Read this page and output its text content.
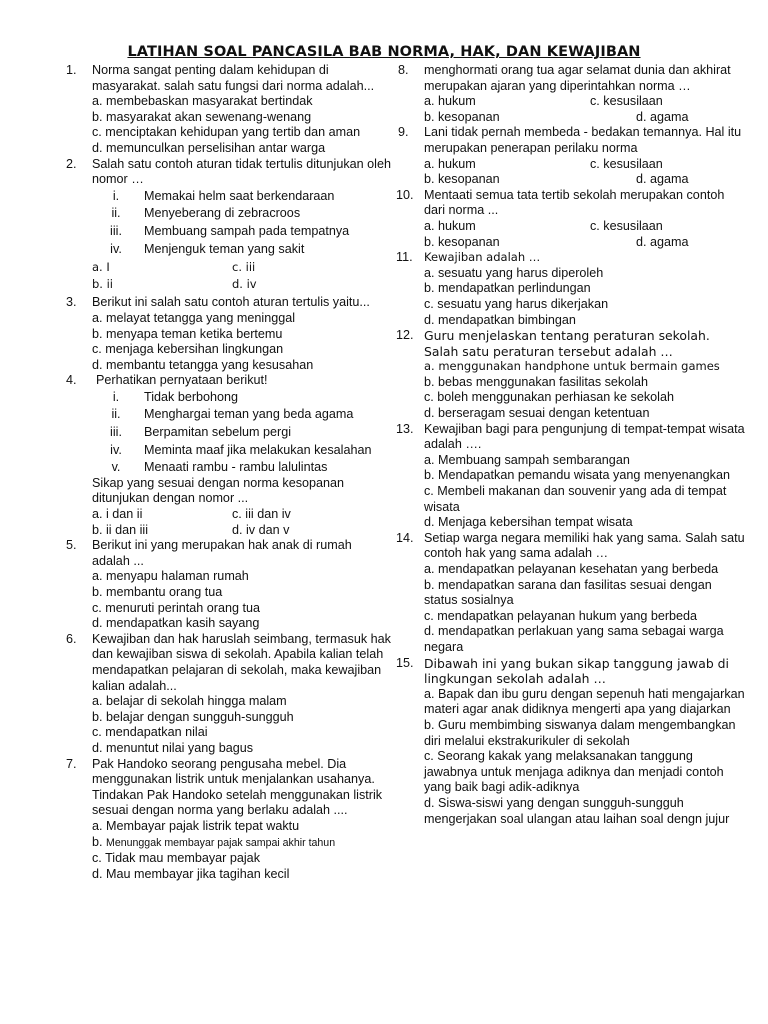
LATIHAN SOAL PANCASILA BAB NORMA, HAK, DAN KEWAJIBAN
1. Norma sangat penting dalam kehidupan di masyarakat. salah satu fungsi dari norma adalah...
a. membebaskan masyarakat bertindak
b. masyarakat akan sewenang-wenang
c. menciptakan kehidupan yang tertib dan aman
d. memunculkan perselisihan antar warga
2. Salah satu contoh aturan tidak tertulis ditunjukan oleh nomor …
i.	Memakai helm saat berkendaraan
ii.	Menyeberang di zebracroos
iii.	Membuang sampah pada tempatnya
iv.	Menjenguk teman yang sakit
a. I	c. iii
b. ii	d. iv
3. Berikut ini salah satu contoh aturan tertulis yaitu...
a. melayat tetangga yang meninggal
b. menyapa teman ketika bertemu
c. menjaga kebersihan lingkungan
d. membantu tetangga yang kesusahan
4.	Perhatikan pernyataan berikut!
i.	Tidak berbohong
ii.	Menghargai teman yang beda agama
iii.	Berpamitan sebelum pergi
iv.	Meminta maaf jika melakukan kesalahan
v.	Menaati rambu - rambu lalulintas
Sikap yang sesuai dengan norma kesopanan ditunjukan dengan nomor ...
a. i dan ii	c. iii dan iv
b. ii dan iii	d. iv dan v
5. Berikut ini yang merupakan hak anak di rumah adalah ...
a. menyapu halaman rumah
b. membantu orang tua
c. menuruti perintah orang tua
d. mendapatkan kasih sayang
6. Kewajiban dan hak haruslah seimbang, termasuk hak dan kewajiban siswa di sekolah. Apabila kalian telah mendapatkan pelajaran di sekolah, maka kewajiban kalian adalah...
a. belajar di sekolah hingga malam
b. belajar dengan sungguh-sungguh
c. mendapatkan nilai
d. menuntut nilai yang bagus
7. Pak Handoko seorang pengusaha mebel. Dia menggunakan listrik untuk menjalankan usahanya. Tindakan Pak Handoko setelah menggunakan listrik sesuai dengan norma yang berlaku adalah ....
a. Membayar pajak listrik tepat waktu
b. Menunggak membayar pajak sampai akhir tahun
c. Tidak mau membayar pajak
d. Mau membayar jika tagihan kecil
8. menghormati orang tua agar selamat dunia dan akhirat merupakan ajaran yang diperintahkan norma …
a. hukum	c. kesusilaan
b. kesopanan	d. agama
9. Lani tidak pernah membeda - bedakan temannya. Hal itu merupakan penerapan perilaku norma
a. hukum	c. kesusilaan
b. kesopanan	d. agama
10. Mentaati semua tata tertib sekolah merupakan contoh dari norma ...
a. hukum	c. kesusilaan
b. kesopanan	d. agama
11. Kewajiban adalah …
a. sesuatu yang harus diperoleh
b. mendapatkan perlindungan
c. sesuatu yang harus dikerjakan
d. mendapatkan bimbingan
12. Guru menjelaskan tentang peraturan sekolah. Salah satu peraturan tersebut adalah …
a. menggunakan handphone untuk bermain games
b. bebas menggunakan fasilitas sekolah
c. boleh menggunakan perhiasan ke sekolah
d. berseragam sesuai dengan ketentuan
13. Kewajiban bagi para pengunjung di tempat-tempat wisata adalah ….
a. Membuang sampah sembarangan
b. Mendapatkan pemandu wisata yang menyenangkan
c. Membeli makanan dan souvenir yang ada di tempat wisata
d. Menjaga kebersihan tempat wisata
14. Setiap warga negara memiliki hak yang sama. Salah satu contoh hak yang sama adalah …
a. mendapatkan pelayanan kesehatan yang berbeda
b. mendapatkan sarana dan fasilitas sesuai dengan status sosialnya
c. mendapatkan pelayanan hukum yang berbeda
d. mendapatkan perlakuan yang sama sebagai warga negara
15. Dibawah ini yang bukan sikap tanggung jawab di lingkungan sekolah adalah …
a. Bapak dan ibu guru dengan sepenuh hati mengajarkan materi agar anak didiknya mengerti apa yang diajarkan
b. Guru membimbing siswanya dalam mengembangkan diri melalui ekstrakurikuler di sekolah
c. Seorang kakak yang melaksanakan tanggung jawabnya untuk menjaga adiknya dan menjadi contoh yang baik bagi adik-adiknya
d. Siswa-siswi yang dengan sungguh-sungguh mengerjakan soal ulangan atau laihan soal dengn jujur
